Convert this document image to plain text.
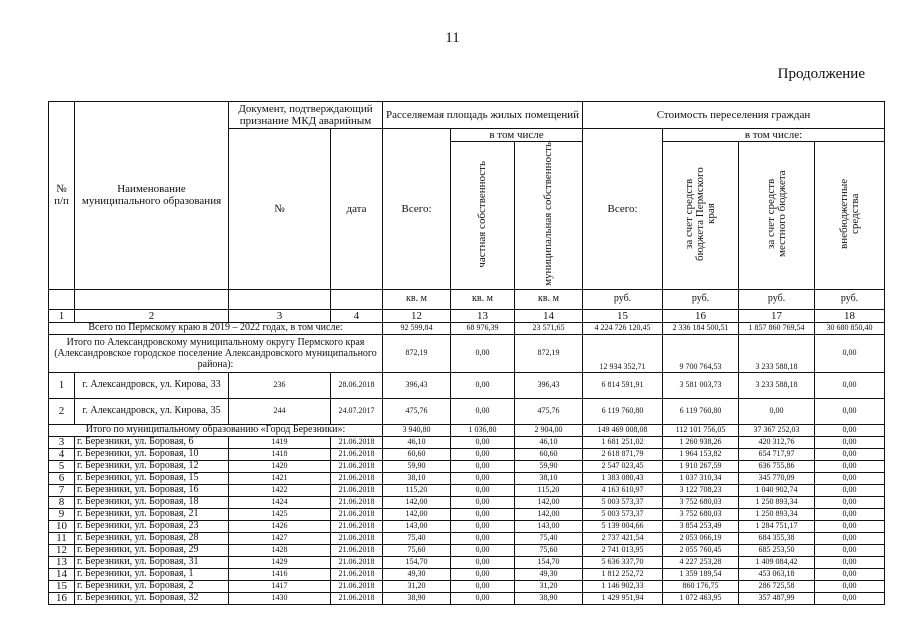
11
Продолжение
№ п/п	Наименование муниципального образования	Документ, подтверждающий признание МКД аварийным		Расселяемая площадь жилых помещений			Стоимость переселения граждан			
		№	дата	Всего:	в том числе		Всего:	в том числе:		
					частная собственность	муниципальная собственность		за счет средств бюджета Пермского края	за счет средств местного бюджета	внебюджетные средства
				кв. м	кв. м	кв. м	руб.	руб.	руб.	руб.
1	2	3	4	12	13	14	15	16	17	18
Всего по Пермскому краю в 2019 – 2022 годах, в том числе:				92 599,84	68 976,39	23 571,65	4 224 726 120,45	2 336 184 500,51	1 857 860 769,54	30 680 850,40
Итого по Александровскому муниципальному округу Пермского края (Александровское городское поселение Александровского муниципального района):				872,19	0,00	872,19	12 934 352,71	9 700 764,53	3 233 588,18	0,00
1	г. Александровск, ул. Кирова, 33	236	28.06.2018	396,43	0,00	396,43	6 814 591,91	3 581 003,73	3 233 588,18	0,00
2	г. Александровск, ул. Кирова, 35	244	24.07.2017	475,76	0,00	475,76	6 119 760,80	6 119 760,80	0,00	0,00
Итого по муниципальному образованию «Город Березники»:				3 940,80	1 036,80	2 904,00	149 469 008,08	112 101 756,05	37 367 252,03	0,00
3	г. Березники, ул. Боровая, 6	1419	21.06.2018	46,10	0,00	46,10	1 681 251,02	1 260 938,26	420 312,76	0,00
4	г. Березники, ул. Боровая, 10	1418	21.06.2018	60,60	0,00	60,60	2 618 871,79	1 964 153,82	654 717,97	0,00
5	г. Березники, ул. Боровая, 12	1420	21.06.2018	59,90	0,00	59,90	2 547 023,45	1 910 267,59	636 755,86	0,00
6	г. Березники, ул. Боровая, 15	1421	21.06.2018	38,10	0,00	38,10	1 383 080,43	1 037 310,34	345 770,09	0,00
7	г. Березники, ул. Боровая, 16	1422	21.06.2018	115,20	0,00	115,20	4 163 610,97	3 122 708,23	1 040 902,74	0,00
8	г. Березники, ул. Боровая, 18	1424	21.06.2018	142,00	0,00	142,00	5 003 573,37	3 752 680,03	1 250 893,34	0,00
9	г. Березники, ул. Боровая, 21	1425	21.06.2018	142,00	0,00	142,00	5 003 573,37	3 752 680,03	1 250 893,34	0,00
10	г. Березники, ул. Боровая, 23	1426	21.06.2018	143,00	0,00	143,00	5 139 004,66	3 854 253,49	1 284 751,17	0,00
11	г. Березники, ул. Боровая, 28	1427	21.06.2018	75,40	0,00	75,40	2 737 421,54	2 053 066,19	684 355,38	0,00
12	г. Березники, ул. Боровая, 29	1428	21.06.2018	75,60	0,00	75,60	2 741 013,95	2 055 760,45	685 253,50	0,00
13	г. Березники, ул. Боровая, 31	1429	21.06.2018	154,70	0,00	154,70	5 636 337,70	4 227 253,28	1 409 084,42	0,00
14	г. Березники, ул. Боровая, 1	1416	21.06.2018	49,30	0,00	49,30	1 812 252,72	1 359 189,54	453 063,18	0,00
15	г. Березники, ул. Боровая, 2	1417	21.06.2018	31,20	0,00	31,20	1 146 902,33	860 176,75	286 725,58	0,00
16	г. Березники, ул. Боровая, 32	1430	21.06.2018	38,90	0,00	38,90	1 429 951,94	1 072 463,95	357 487,99	0,00
